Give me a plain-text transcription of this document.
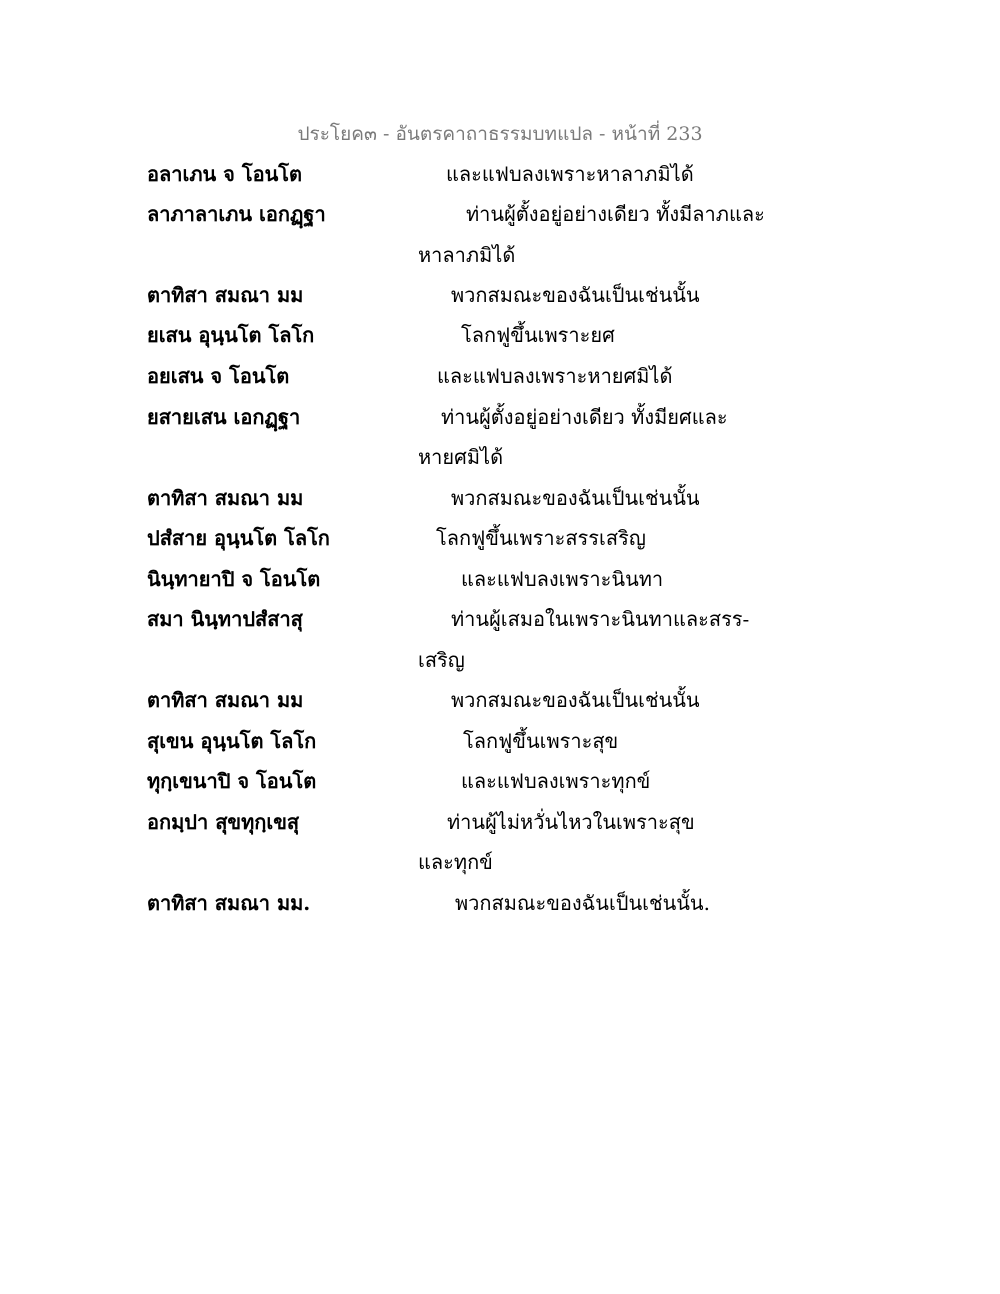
ประโยค๓ - อันตรคาถาธรรมบทแปล - หน้าที่ 233
อลาเภน จ โอนโต	และแฟบลงเพราะหาลาภมิได้
ลาภาลาเภน เอกฏฺฐา	ท่านผู้ตั้งอยู่อย่างเดียว ทั้งมีลาภและ
หาลาภมิได้
ตาทิสา สมณา มม	พวกสมณะของฉันเป็นเช่นนั้น
ยเสน อุนฺนโต โลโก	โลกฟูขึ้นเพราะยศ
อยเสน จ โอนโต	และแฟบลงเพราะหายศมิได้
ยสายเสน เอกฏฺฐา	ท่านผู้ตั้งอยู่อย่างเดียว ทั้งมียศและ
หายศมิได้
ตาทิสา สมณา มม	พวกสมณะของฉันเป็นเช่นนั้น
ปสํสาย อุนฺนโต โลโก	โลกฟูขึ้นเพราะสรรเสริญ
นินฺทายาปิ จ โอนโต	และแฟบลงเพราะนินทา
สมา นินฺทาปสํสาสุ	ท่านผู้เสมอในเพราะนินทาและสรร-
เสริญ
ตาทิสา สมณา มม	พวกสมณะของฉันเป็นเช่นนั้น
สุเขน อุนฺนโต โลโก	โลกฟูขึ้นเพราะสุข
ทุกฺเขนาปิ จ โอนโต	และแฟบลงเพราะทุกข์
อกมฺปา สุขทุกฺเขสุ	ท่านผู้ไม่หวั่นไหวในเพราะสุข
และทุกข์
ตาทิสา สมณา มม.	พวกสมณะของฉันเป็นเช่นนั้น.
